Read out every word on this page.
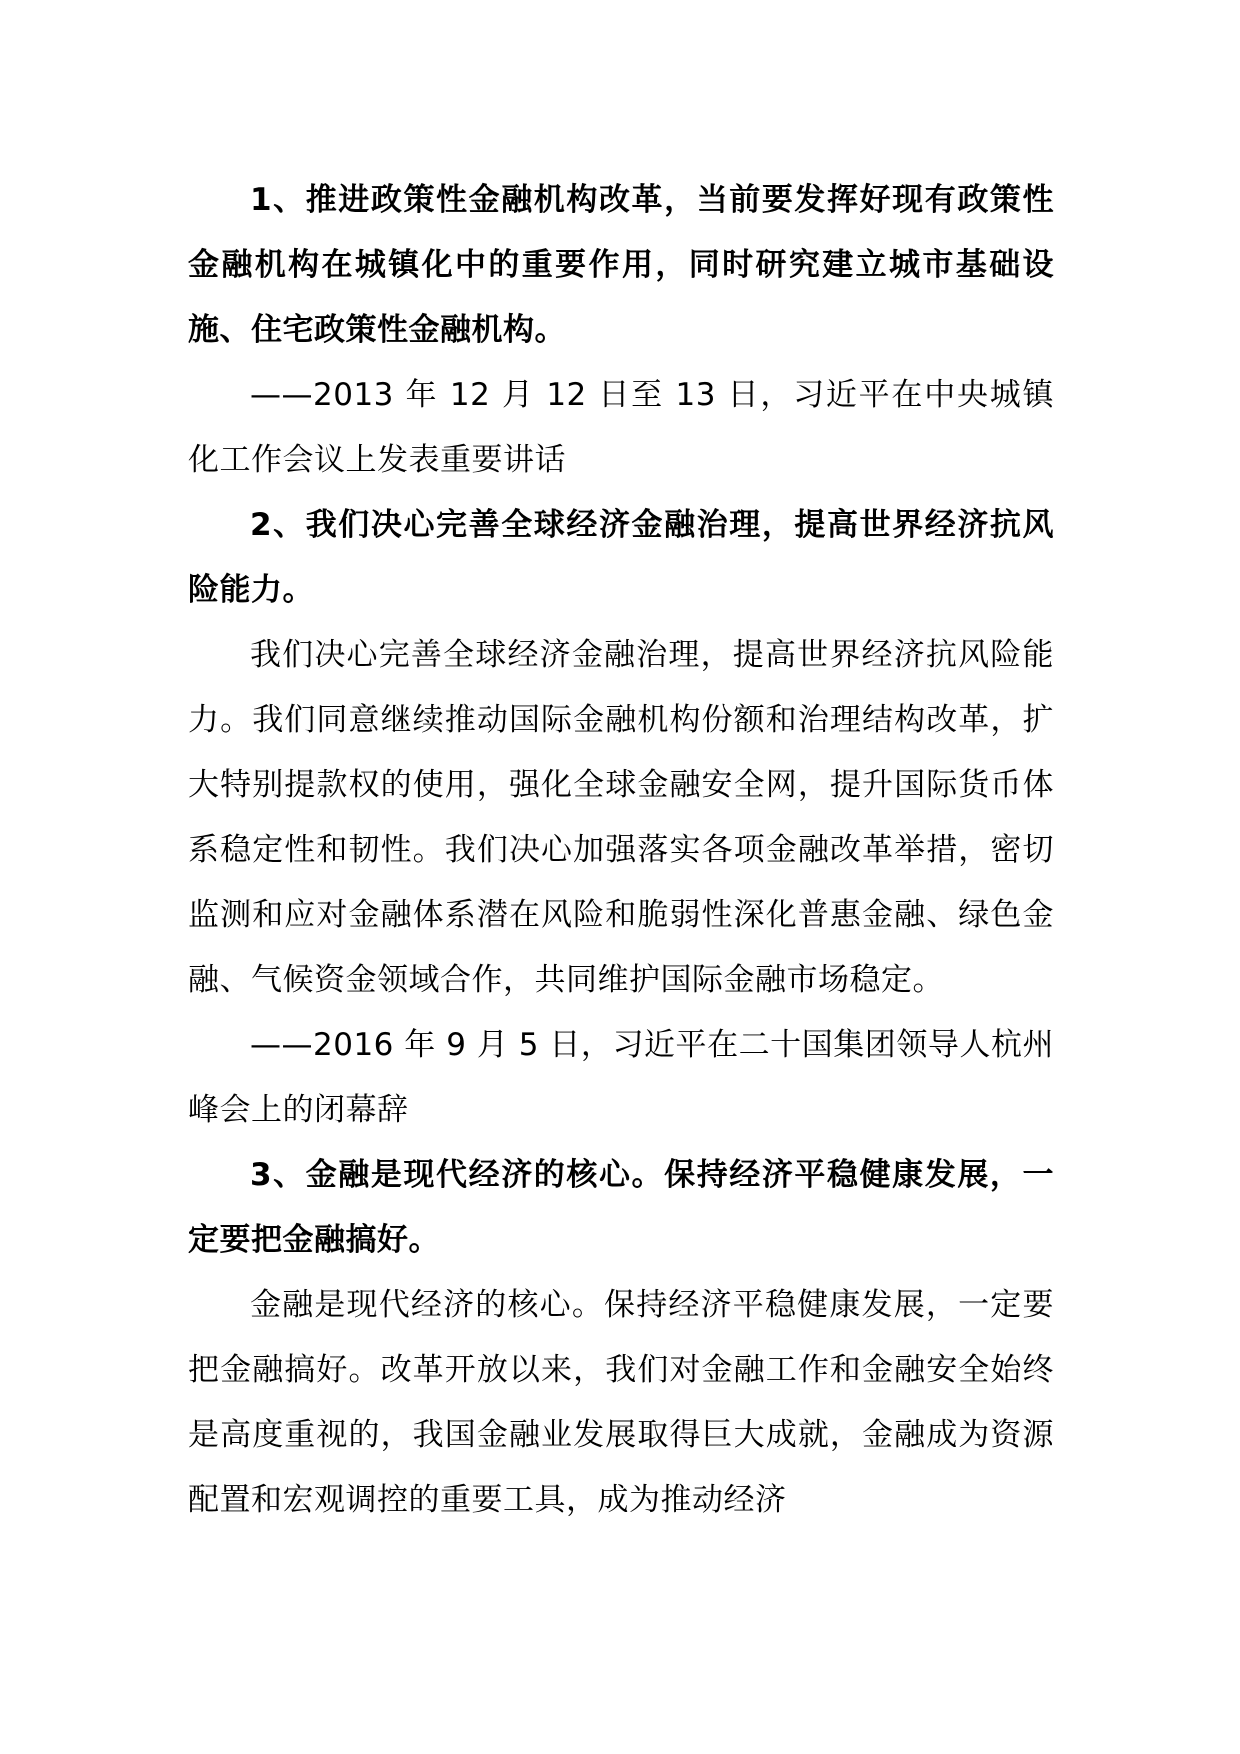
1、推进政策性金融机构改革，当前要发挥好现有政策性金融机构在城镇化中的重要作用，同时研究建立城市基础设施、住宅政策性金融机构。

——2013 年 12 月 12 日至 13 日，习近平在中央城镇化工作会议上发表重要讲话

2、我们决心完善全球经济金融治理，提高世界经济抗风险能力。

我们决心完善全球经济金融治理，提高世界经济抗风险能力。我们同意继续推动国际金融机构份额和治理结构改革，扩大特别提款权的使用，强化全球金融安全网，提升国际货币体系稳定性和韧性。我们决心加强落实各项金融改革举措，密切监测和应对金融体系潜在风险和脆弱性深化普惠金融、绿色金融、气候资金领域合作，共同维护国际金融市场稳定。

——2016 年 9 月 5 日，习近平在二十国集团领导人杭州峰会上的闭幕辞

3、金融是现代经济的核心。保持经济平稳健康发展，一定要把金融搞好。

金融是现代经济的核心。保持经济平稳健康发展，一定要把金融搞好。改革开放以来，我们对金融工作和金融安全始终是高度重视的，我国金融业发展取得巨大成就，金融成为资源配置和宏观调控的重要工具，成为推动经济
